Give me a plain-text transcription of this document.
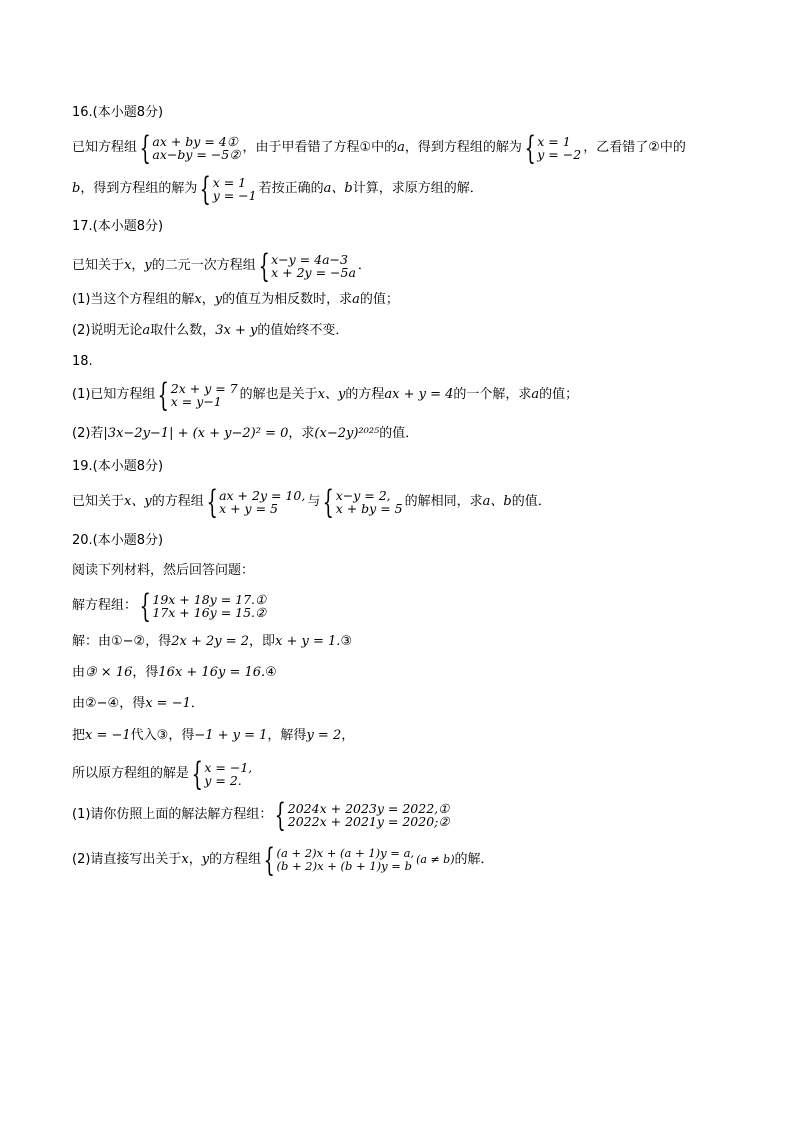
16.(本小题8分)
已知方程组 { ax + by = 4①
ax−by = −5② ，由于甲看错了方程①中的 a ，得到方程组的解为 { x = 1
y = −2 ，乙看错了②中的
b ，得到方程组的解为 { x = 1
y = −1 若按正确的 a、b 计算，求原方组的解．
17.(本小题8分)
已知关于 x ， y 的二元一次方程组 { x−y = 4a−3
x + 2y = −5a ．
(1)当这个方程组的解 x ， y 的值互为相反数时，求 a 的值；
(2)说明无论 a 取什么数， 3x + y 的值始终不变．
18.
(1)已知方程组 { 2x + y = 7
x = y−1	的解也是关于 x、y 的方程 ax + y = 4 的一个解，求 a 的值；
(2)若 |3x−2y−1| + (x + y−2)² = 0 ，求 (x−2y)²⁰²⁵ 的值．
19.(本小题8分)
已知关于 x、y 的方程组 { ax + 2y = 10,
x + y = 5	与 { x−y = 2,
x + by = 5 的解相同，求 a、b 的值．
20.(本小题8分)
阅读下列材料，然后回答问题：
解方程组： { 19x + 18y = 17.①
17x + 16y = 15.②
解：由①−②，得 2x + 2y = 2 ，即 x + y = 1. ③
由 ③ × 16 ，得 16x + 16y = 16. ④
由②−④，得 x = −1 ．
把 x = −1 代入③，得 −1 + y = 1 ，解得 y = 2 ，
所以原方程组的解是 { x = −1,
y = 2.
(1)请你仿照上面的解法解方程组： { 2024x + 2023y = 2022,①
2022x + 2021y = 2020;②
(2)请直接写出关于 x ， y 的方程组 { (a + 2)x + (a + 1)y = a,
(b + 2)x + (b + 1)y = b (a ≠ b) 的解．
